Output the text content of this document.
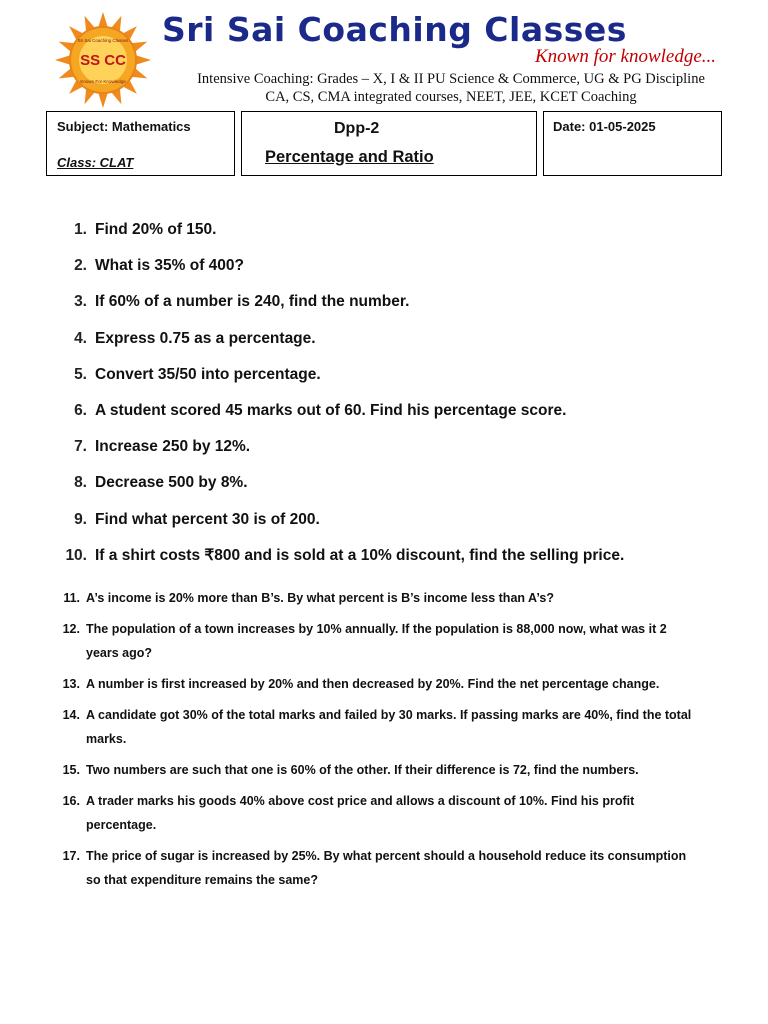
SS CC
Sri Sai Coaching Classes
Known For Knowledge
Sri Sai Coaching Classes
Known for knowledge...
Intensive Coaching: Grades – X, I & II PU Science & Commerce, UG & PG Discipline
CA, CS, CMA integrated courses, NEET, JEE, KCET Coaching
Subject: Mathematics
Class: CLAT
Dpp-2
Percentage and Ratio
Date: 01-05-2025
1. Find 20% of 150.
2. What is 35% of 400?
3. If 60% of a number is 240, find the number.
4. Express 0.75 as a percentage.
5. Convert 35/50 into percentage.
6. A student scored 45 marks out of 60. Find his percentage score.
7. Increase 250 by 12%.
8. Decrease 500 by 8%.
9. Find what percent 30 is of 200.
10. If a shirt costs ₹800 and is sold at a 10% discount, find the selling price.
11. A’s income is 20% more than B’s. By what percent is B’s income less than A’s?
12. The population of a town increases by 10% annually. If the population is 88,000 now, what was it 2 years ago?
13. A number is first increased by 20% and then decreased by 20%. Find the net percentage change.
14. A candidate got 30% of the total marks and failed by 30 marks. If passing marks are 40%, find the total marks.
15. Two numbers are such that one is 60% of the other. If their difference is 72, find the numbers.
16. A trader marks his goods 40% above cost price and allows a discount of 10%. Find his profit percentage.
17. The price of sugar is increased by 25%. By what percent should a household reduce its consumption so that expenditure remains the same?
